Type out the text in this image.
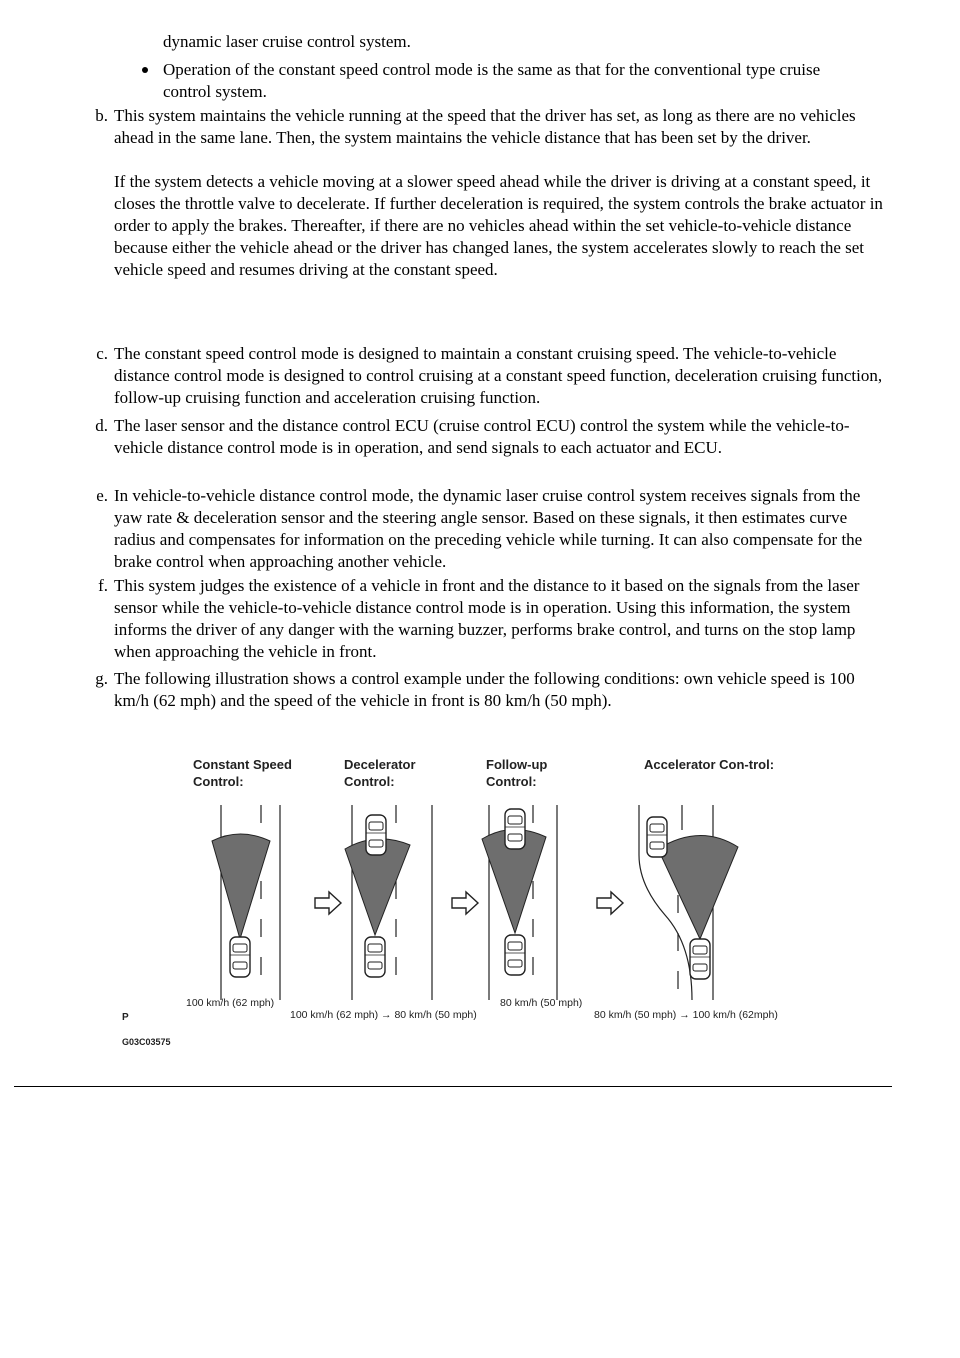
dynamic laser cruise control system.
Operation of the constant speed control mode is the same as that for the conventional type cruise control system.
b. This system maintains the vehicle running at the speed that the driver has set, as long as there are no vehicles ahead in the same lane. Then, the system maintains the vehicle distance that has been set by the driver.

If the system detects a vehicle moving at a slower speed ahead while the driver is driving at a constant speed, it closes the throttle valve to decelerate. If further deceleration is required, the system controls the brake actuator in order to apply the brakes. Thereafter, if there are no vehicles ahead within the set vehicle-to-vehicle distance because either the vehicle ahead or the driver has changed lanes, the system accelerates slowly to reach the set vehicle speed and resumes driving at the constant speed.

c. The constant speed control mode is designed to maintain a constant cruising speed. The vehicle-to-vehicle distance control mode is designed to control cruising at a constant speed function, deceleration cruising function, follow-up cruising function and acceleration cruising function.

d. The laser sensor and the distance control ECU (cruise control ECU) control the system while the vehicle-to-vehicle distance control mode is in operation, and send signals to each actuator and ECU.

e. In vehicle-to-vehicle distance control mode, the dynamic laser cruise control system receives signals from the yaw rate & deceleration sensor and the steering angle sensor. Based on these signals, it then estimates curve radius and compensates for information on the preceding vehicle while turning. It can also compensate for the brake control when approaching another vehicle.

f. This system judges the existence of a vehicle in front and the distance to it based on the signals from the laser sensor while the vehicle-to-vehicle distance control mode is in operation. Using this information, the system informs the driver of any danger with the warning buzzer, performs brake control, and turns on the stop lamp when approaching the vehicle in front.

g. The following illustration shows a control example under the following conditions: own vehicle speed is 100 km/h (62 mph) and the speed of the vehicle in front is 80 km/h (50 mph).

Constant Speed Control:
Decelerator Control:
Follow-up Control:
Accelerator Con-trol:
100 km/h (62 mph)
100 km/h (62 mph) → 80 km/h (50 mph)
80 km/h (50 mph)
80 km/h (50 mph) → 100 km/h (62mph)
P
G03C03575
